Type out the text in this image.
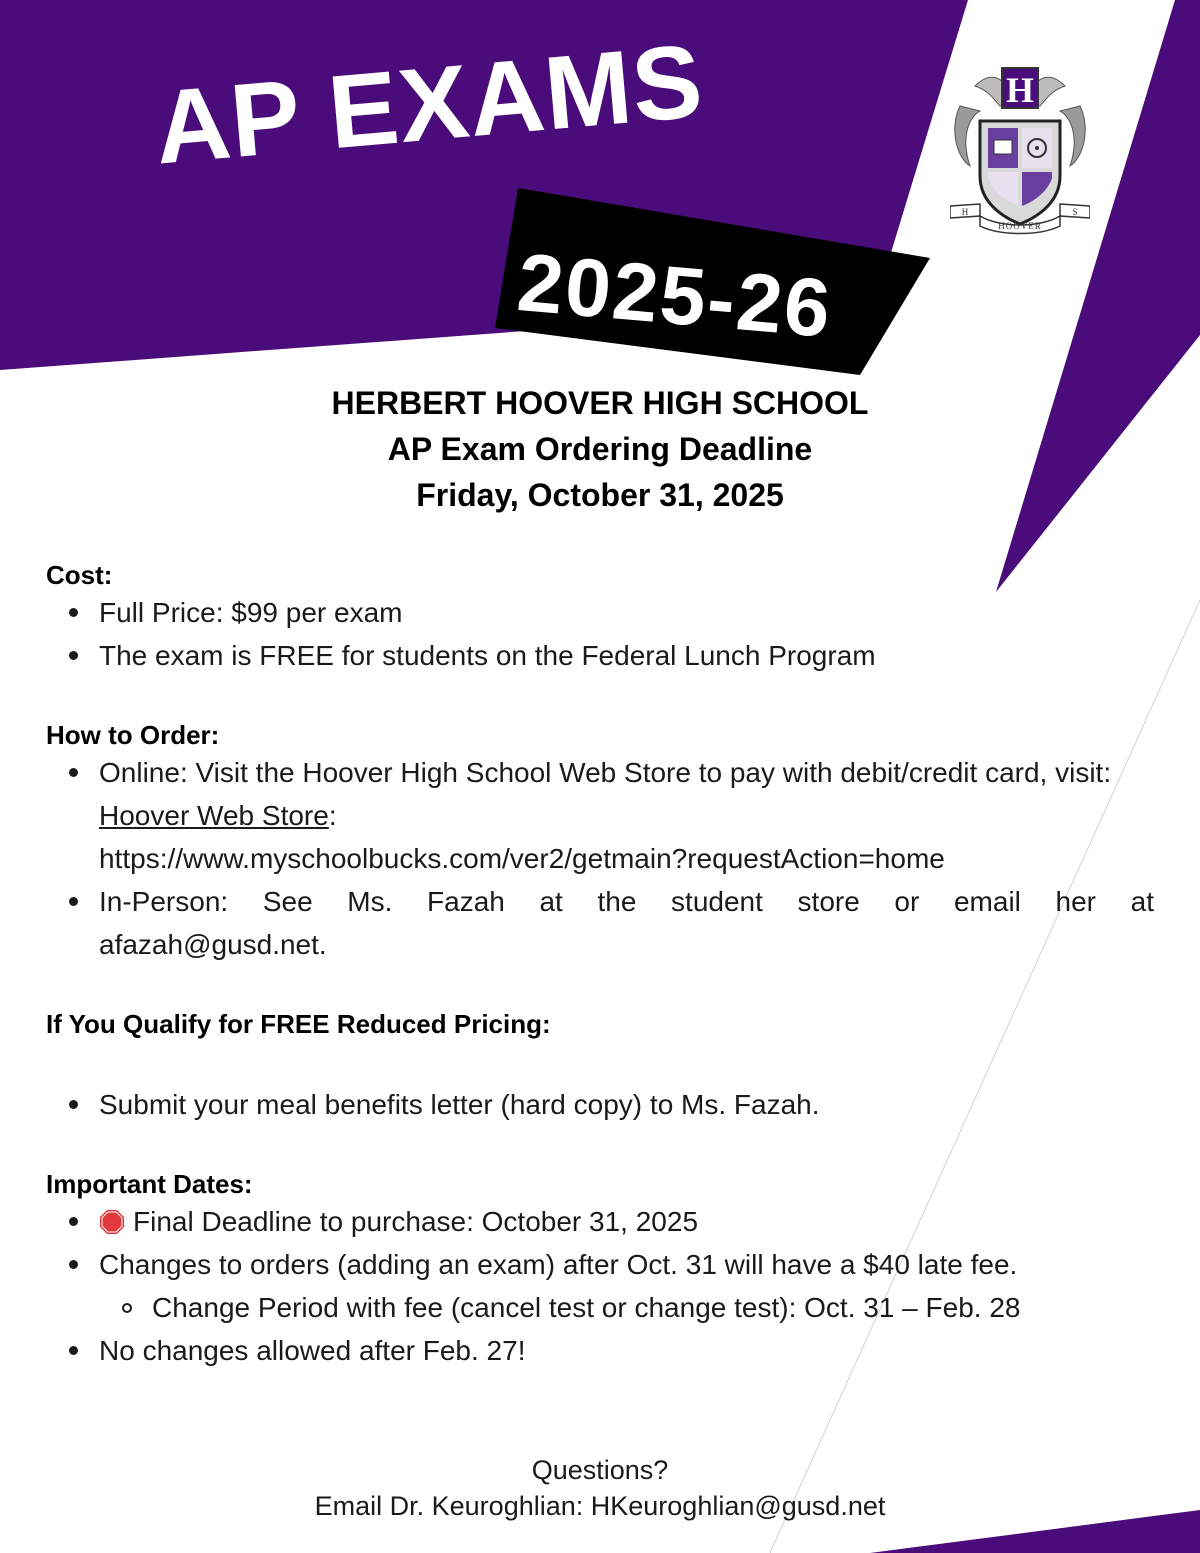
AP EXAMS
2025-26
H
H	S
HOOVER
HERBERT HOOVER HIGH SCHOOL
AP Exam Ordering Deadline
Friday, October 31, 2025

Cost:

Full Price: $99 per exam
The exam is FREE for students on the Federal Lunch Program

How to Order:

Online: Visit the Hoover High School Web Store to pay with debit/credit card, visit: Hoover Web Store:
https://www.myschoolbucks.com/ver2/getmain?requestAction=home
In-Person: See Ms. Fazah at the student store or email her at
afazah@gusd.net.

If You Qualify for FREE Reduced Pricing:

Submit your meal benefits letter (hard copy) to Ms. Fazah.

Important Dates:

Final Deadline to purchase: October 31, 2025
Changes to orders (adding an exam) after Oct. 31 will have a $40 late fee.
Change Period with fee (cancel test or change test): Oct. 31 – Feb. 28
No changes allowed after Feb. 27!
Questions?
Email Dr. Keuroghlian: HKeuroghlian@gusd.net
